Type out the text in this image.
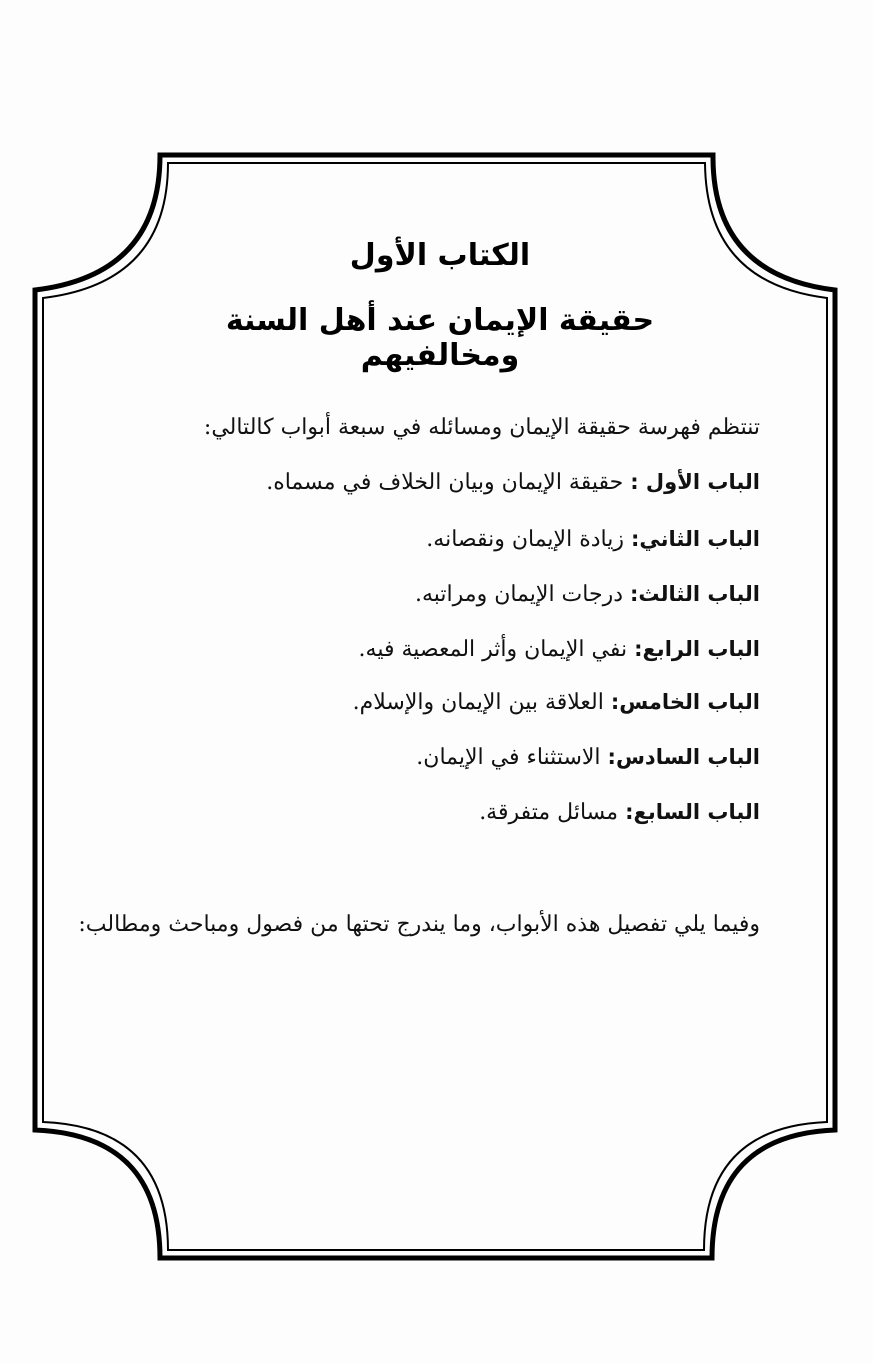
الكتاب الأول
حقيقة الإيمان عند أهل السنة ومخالفيهم
تنتظم فهرسة حقيقة الإيمان ومسائله في سبعة أبواب كالتالي:
الباب الأول : حقيقة الإيمان وبيان الخلاف في مسماه.
الباب الثاني: زيادة الإيمان ونقصانه.
الباب الثالث: درجات الإيمان ومراتبه.
الباب الرابع: نفي الإيمان وأثر المعصية فيه.
الباب الخامس: العلاقة بين الإيمان والإسلام.
الباب السادس: الاستثناء في الإيمان.
الباب السابع: مسائل متفرقة.
وفيما يلي تفصيل هذه الأبواب، وما يندرج تحتها من فصول ومباحث ومطالب:
